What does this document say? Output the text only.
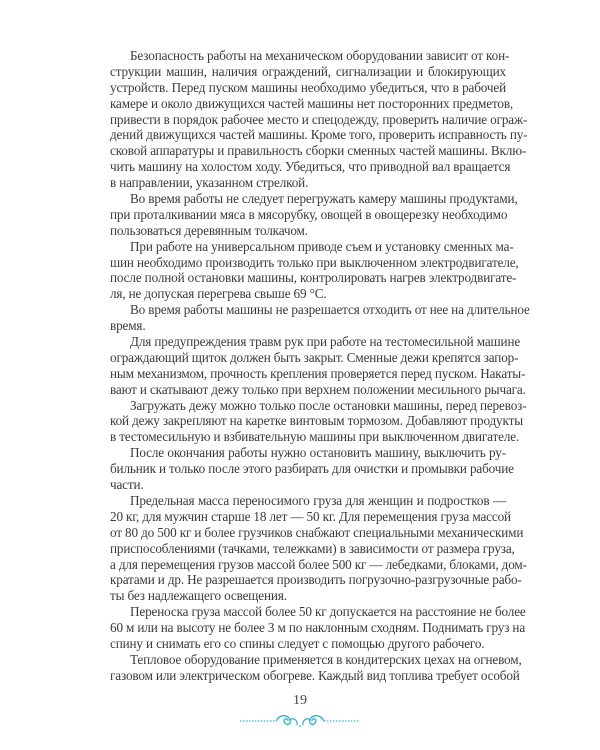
Безопасность работы на механическом оборудовании зависит от кон-
струкции машин, наличия ограждений, сигнализации и блокирующих
устройств. Перед пуском машины необходимо убедиться, что в рабочей
камере и около движущихся частей машины нет посторонних предметов,
привести в порядок рабочее место и спецодежду, проверить наличие ограж-
дений движущихся частей машины. Кроме того, проверить исправность пу-
сковой аппаратуры и правильность сборки сменных частей машины. Вклю-
чить машину на холостом ходу. Убедиться, что приводной вал вращается
в направлении, указанном стрелкой.
Во время работы не следует перегружать камеру машины продуктами,
при проталкивании мяса в мясорубку, овощей в овощерезку необходимо
пользоваться деревянным толкачом.
При работе на универсальном приводе съем и установку сменных ма-
шин необходимо производить только при выключенном электродвигателе,
после полной остановки машины, контролировать нагрев электродвигате-
ля, не допуская перегрева свыше 69 °С.
Во время работы машины не разрешается отходить от нее на длительное
время.
Для предупреждения травм рук при работе на тестомесильной машине
ограждающий щиток должен быть закрыт. Сменные дежи крепятся запор-
ным механизмом, прочность крепления проверяется перед пуском. Накаты-
вают и скатывают дежу только при верхнем положении месильного рычага.
Загружать дежу можно только после остановки машины, перед перевоз-
кой дежу закрепляют на каретке винтовым тормозом. Добавляют продукты
в тестомесильную и взбивательную машины при выключенном двигателе.
После окончания работы нужно остановить машину, выключить ру-
бильник и только после этого разбирать для очистки и промывки рабочие
части.
Предельная масса переносимого груза для женщин и подростков —
20 кг, для мужчин старше 18 лет — 50 кг. Для перемещения груза массой
от 80 до 500 кг и более грузчиков снабжают специальными механическими
приспособлениями (тачками, тележками) в зависимости от размера груза,
а для перемещения грузов массой более 500 кг — лебедками, блоками, дом-
кратами и др. Не разрешается производить погрузочно-разгрузочные рабо-
ты без надлежащего освещения.
Переноска груза массой более 50 кг допускается на расстояние не более
60 м или на высоту не более 3 м по наклонным сходням. Поднимать груз на
спину и снимать его со спины следует с помощью другого рабочего.
Тепловое оборудование применяется в кондитерских цехах на огневом,
газовом или электрическом обогреве. Каждый вид топлива требует особой
19
